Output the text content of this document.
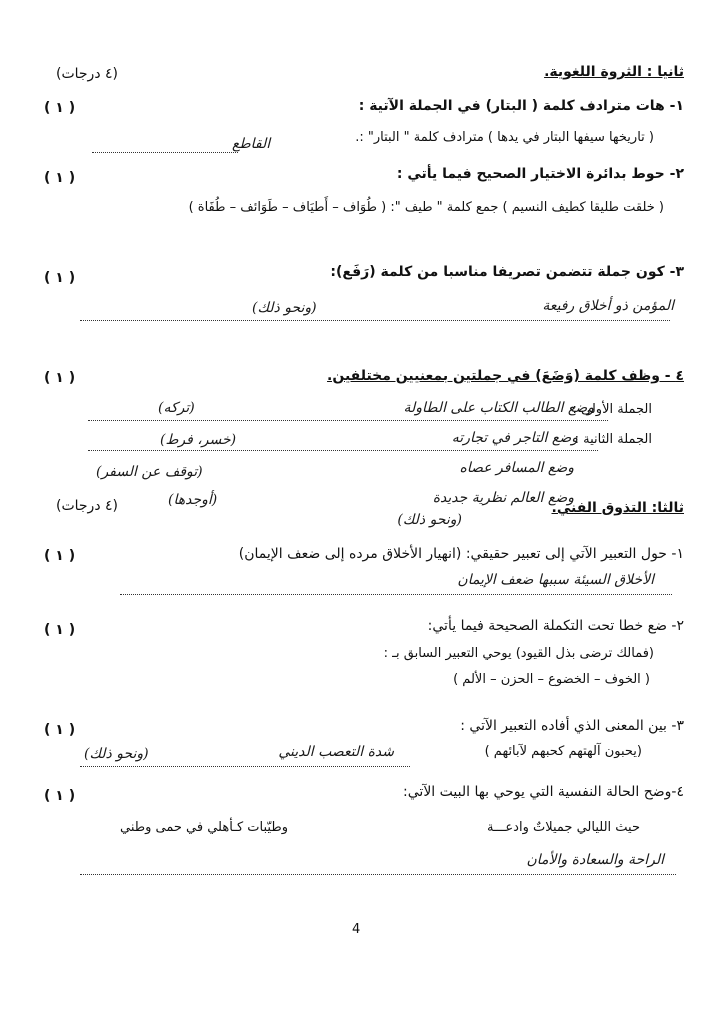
ثانيا : الثروة اللغوية.
(٤ درجات)
١- هات مترادف كلمة ( البتار) في الجملة الآتية :
( ١ )
( تاريخها سيفها البتار في يدها ) مترادف كلمة " البتار" :.
القاطع
٢- حوط بدائرة الاختيار الصحيح فيما يأتي :
( ١ )
( خلقت طليقا كطيف النسيم ) جمع كلمة " طيف ": ( طُوَاف – أَطيَاف – طَوَائف – طُفَاة )
٣- كون جملة تتضمن تصريفا مناسبا من كلمة (رَفَع):
( ١ )
المؤمن ذو أخلاق رفيعة
(ونحو ذلك)
٤ - وظف كلمة (وَضَعَ) في جملتين بمعنيين مختلفين.
( ١ )
الجملة الأولى :
وضع الطالب الكتاب على الطاولة
(تركه)
الجملة الثانية :
وضع التاجر في تجارته
(خسر، فرط)
وضع المسافر عصاه
(توقف عن السفر)
وضع العالم نظرية جديدة
(أوجدها)
(ونحو ذلك)
ثالثا: التذوق الفني.
(٤ درجات)
١- حول التعبير الآتي إلى تعبير حقيقي: (انهيار الأخلاق مرده إلى ضعف الإيمان)
( ١ )
الأخلاق السيئة سببها ضعف الإيمان
٢- ضع خطا تحت التكملة الصحيحة فيما يأتي:
( ١ )
(فمالك ترضى بذل القيود) يوحي التعبير السابق بـ :
( الخوف – الخضوع – الحزن – الألم )
٣- بين المعنى الذي أفاده التعبير الآتي :
( ١ )
(يحبون آلهتهم كحبهم لآبائهم )
شدة التعصب الديني
(ونحو ذلك)
٤-وضح الحالة النفسية التي يوحي بها البيت الآتي:
( ١ )
حيث الليالي جميلاتٌ وادعـــة
وطيّبات كـأهلي في حمى وطني
الراحة والسعادة والأمان
4
